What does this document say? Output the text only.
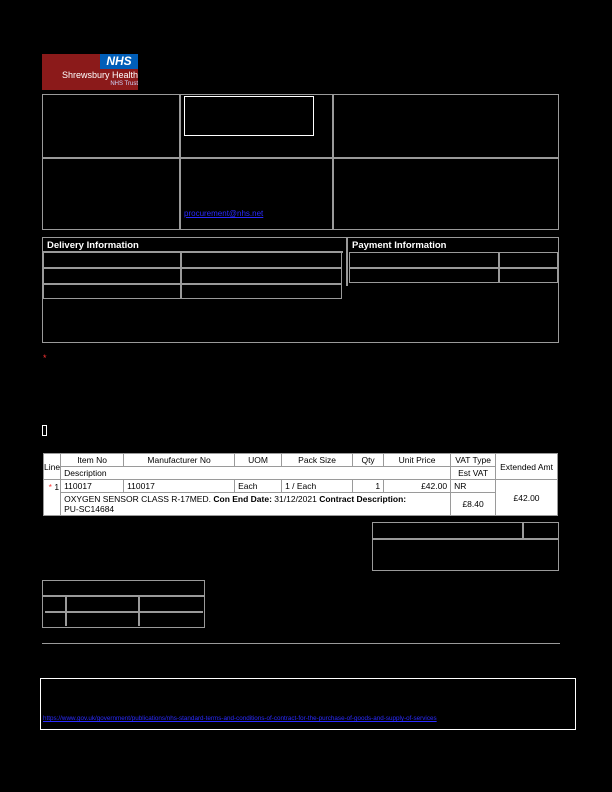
NHS
Shrewsbury Health
NHS Trust
procurement@nhs.net
Delivery Information	Payment Information
*
Line	Item No	Manufacturer No	UOM	Pack Size	Qty	Unit Price	VAT Type	Extended Amt
	Description						Est VAT	
* 1	110017	110017	Each	1 / Each	1	£42.00	NR	£42.00
	OXYGEN SENSOR CLASS R-17MED. Con End Date: 31/12/2021 Contract Description:
PU-SC14684						£8.40	
https://www.gov.uk/government/publications/nhs-standard-terms-and-conditions-of-contract-for-the-purchase-of-goods-and-supply-of-services
